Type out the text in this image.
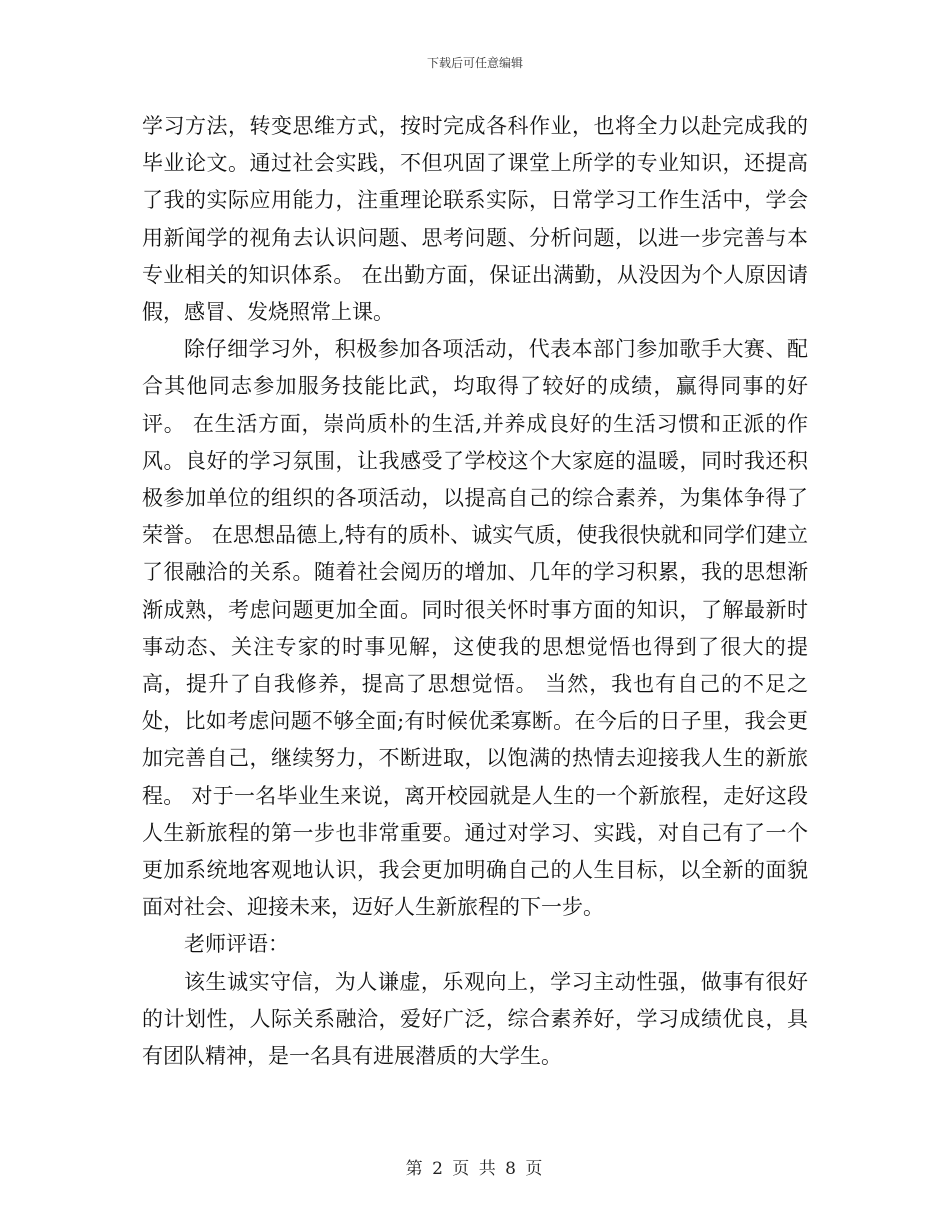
下载后可任意编辑

学习方法，转变思维方式，按时完成各科作业，也将全力以赴完成我的毕业论文。通过社会实践，不但巩固了课堂上所学的专业知识，还提高了我的实际应用能力，注重理论联系实际，日常学习工作生活中，学会用新闻学的视角去认识问题、思考问题、分析问题，以进一步完善与本专业相关的知识体系。 在出勤方面，保证出满勤，从没因为个人原因请假，感冒、发烧照常上课。

除仔细学习外，积极参加各项活动，代表本部门参加歌手大赛、配合其他同志参加服务技能比武，均取得了较好的成绩，赢得同事的好评。 在生活方面，崇尚质朴的生活,并养成良好的生活习惯和正派的作风。良好的学习氛围，让我感受了学校这个大家庭的温暖，同时我还积极参加单位的组织的各项活动，以提高自己的综合素养，为集体争得了荣誉。 在思想品德上,特有的质朴、诚实气质，使我很快就和同学们建立了很融洽的关系。随着社会阅历的增加、几年的学习积累，我的思想渐渐成熟，考虑问题更加全面。同时很关怀时事方面的知识，了解最新时事动态、关注专家的时事见解，这使我的思想觉悟也得到了很大的提高，提升了自我修养，提高了思想觉悟。 当然，我也有自己的不足之处，比如考虑问题不够全面;有时候优柔寡断。在今后的日子里，我会更加完善自己，继续努力，不断进取，以饱满的热情去迎接我人生的新旅程。 对于一名毕业生来说，离开校园就是人生的一个新旅程，走好这段人生新旅程的第一步也非常重要。通过对学习、实践，对自己有了一个更加系统地客观地认识，我会更加明确自己的人生目标，以全新的面貌面对社会、迎接未来，迈好人生新旅程的下一步。

老师评语：

该生诚实守信，为人谦虚，乐观向上，学习主动性强，做事有很好的计划性，人际关系融洽，爱好广泛，综合素养好，学习成绩优良，具有团队精神，是一名具有进展潜质的大学生。

第 2 页 共 8 页
